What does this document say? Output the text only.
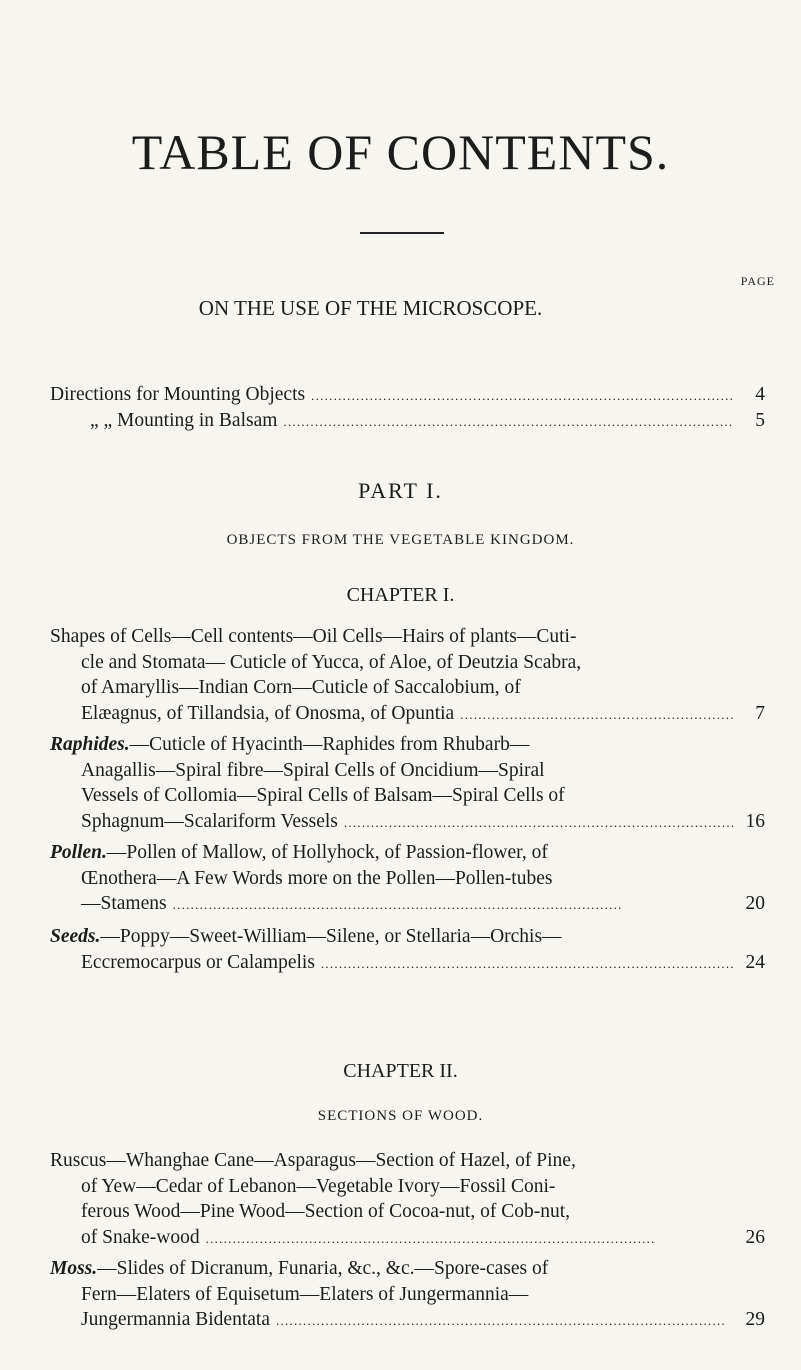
TABLE OF CONTENTS.
PAGE
ON THE USE OF THE MICROSCOPE.
Directions for Mounting Objects . . .	4
„ „ Mounting in Balsam . . .	5
PART I.
OBJECTS FROM THE VEGETABLE KINGDOM.
CHAPTER I.
Shapes of Cells—Cell contents—Oil Cells—Hairs of plants—Cuti-
cle and Stomata— Cuticle of Yucca, of Aloe, of Deutzia Scabra,
of Amaryllis—Indian Corn—Cuticle of Saccalobium, of
Elæagnus, of Tillandsia, of Onosma, of Opuntia . . .	7
Raphides. —Cuticle of Hyacinth—Raphides from Rhubarb—
Anagallis—Spiral fibre—Spiral Cells of Oncidium—Spiral
Vessels of Collomia—Spiral Cells of Balsam—Spiral Cells of
Sphagnum—Scalariform Vessels . . .	16
Pollen. —Pollen of Mallow, of Hollyhock, of Passion-flower, of
Œnothera—A Few Words more on the Pollen—Pollen-tubes
—Stamens . . .	20
Seeds. —Poppy—Sweet-William—Silene, or Stellaria—Orchis—
Eccremocarpus or Calampelis . . .	24
CHAPTER II.
SECTIONS OF WOOD.
Ruscus—Whanghae Cane—Asparagus—Section of Hazel, of Pine,
of Yew—Cedar of Lebanon—Vegetable Ivory—Fossil Coni-
ferous Wood—Pine Wood—Section of Cocoa-nut, of Cob-nut,
of Snake-wood . . .	26
Moss. —Slides of Dicranum, Funaria, &c., &c.—Spore-cases of
Fern—Elaters of Equisetum—Elaters of Jungermannia—
Jungermannia Bidentata . . .	29
